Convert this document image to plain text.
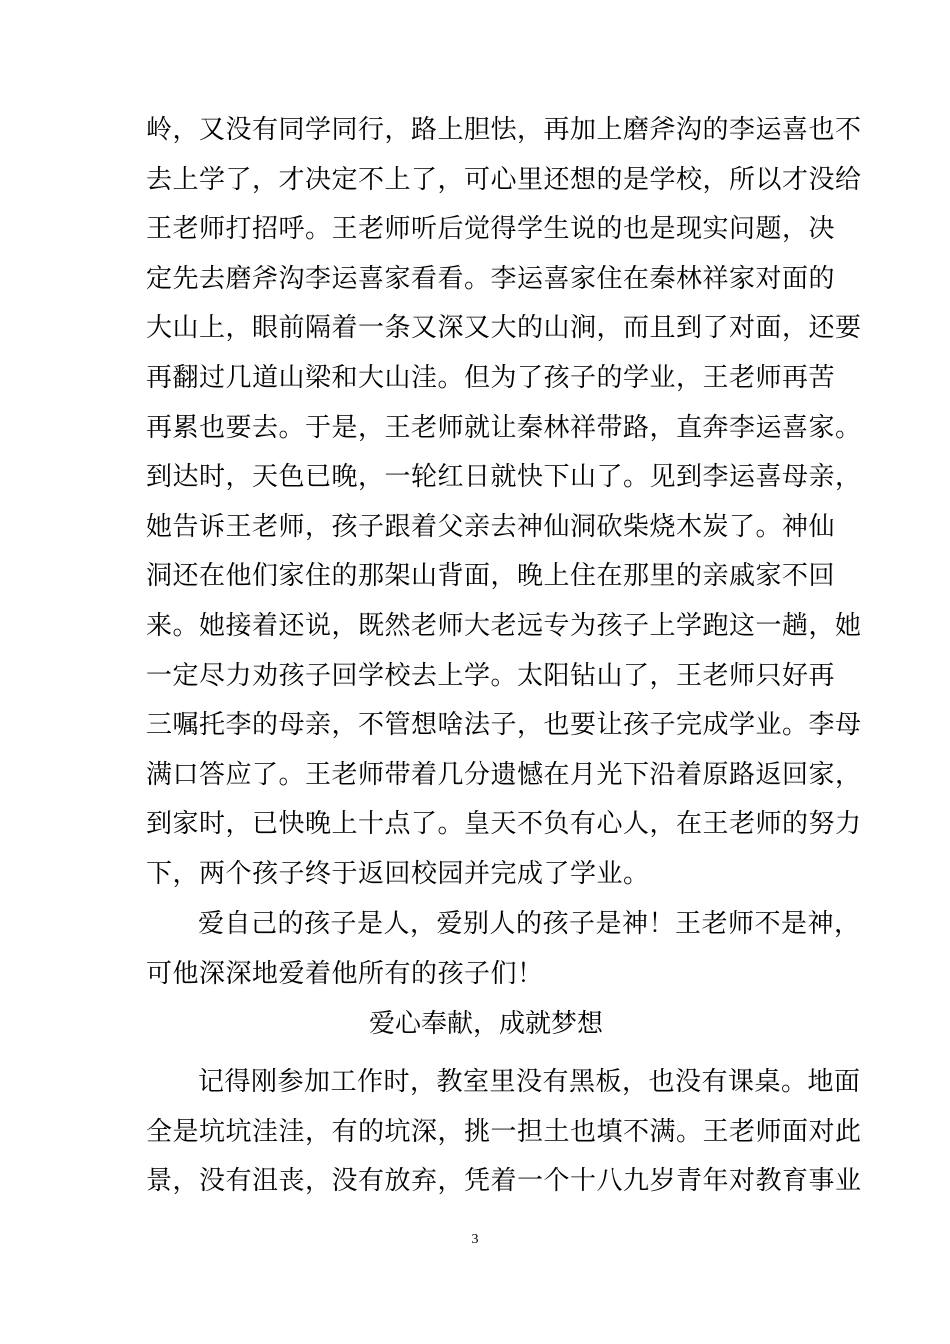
岭，又没有同学同行，路上胆怯，再加上磨斧沟的李运喜也不
去上学了，才决定不上了，可心里还想的是学校，所以才没给
王老师打招呼。王老师听后觉得学生说的也是现实问题，决
定先去磨斧沟李运喜家看看。李运喜家住在秦林祥家对面的
大山上，眼前隔着一条又深又大的山涧，而且到了对面，还要
再翻过几道山梁和大山洼。但为了孩子的学业，王老师再苦
再累也要去。于是，王老师就让秦林祥带路，直奔李运喜家。
到达时，天色已晚，一轮红日就快下山了。见到李运喜母亲，
她告诉王老师，孩子跟着父亲去神仙洞砍柴烧木炭了。神仙
洞还在他们家住的那架山背面，晚上住在那里的亲戚家不回
来。她接着还说，既然老师大老远专为孩子上学跑这一趟，她
一定尽力劝孩子回学校去上学。太阳钻山了，王老师只好再
三嘱托李的母亲，不管想啥法子，也要让孩子完成学业。李母
满口答应了。王老师带着几分遗憾在月光下沿着原路返回家，
到家时，已快晚上十点了。皇天不负有心人，在王老师的努力
下，两个孩子终于返回校园并完成了学业。
爱自己的孩子是人，爱别人的孩子是神！王老师不是神，
可他深深地爱着他所有的孩子们！
爱心奉献，成就梦想
记得刚参加工作时，教室里没有黑板，也没有课桌。地面
全是坑坑洼洼，有的坑深，挑一担土也填不满。王老师面对此
景，没有沮丧，没有放弃，凭着一个十八九岁青年对教育事业
3
